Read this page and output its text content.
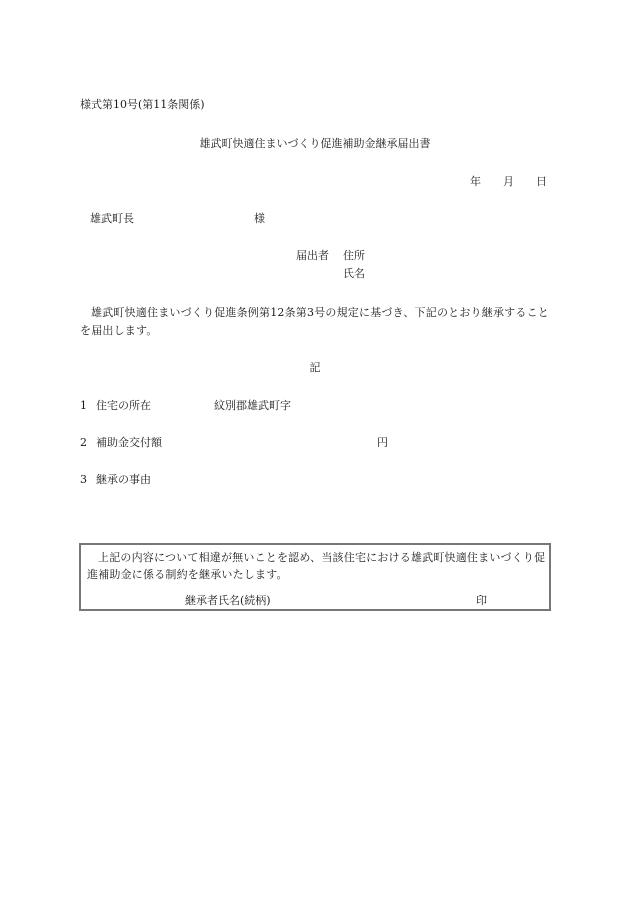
様式第10号(第11条関係)
雄武町快適住まいづくり促進補助金継承届出書
年 月 日
雄武町長	様
届出者 住所
氏名
雄武町快適住まいづくり促進条例第12条第3号の規定に基づき、下記のとおり継承することを届出します。
記
1 住宅の所在	紋別郡雄武町字
2 補助金交付額	円
3 継承の事由
上記の内容について相違が無いことを認め、当該住宅における雄武町快適住まいづくり促進補助金に係る制約を継承いたします。
継承者氏名(続柄)	印
